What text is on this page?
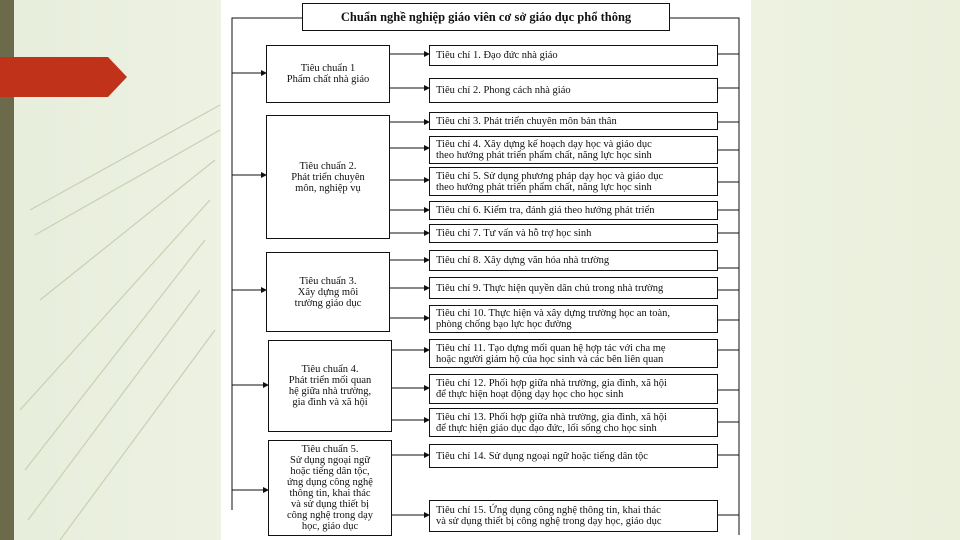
Chuẩn nghề nghiệp giáo viên cơ sở giáo dục phổ thông
Tiêu chuẩn 1
Phẩm chất nhà giáo
Tiêu chuẩn 2.
Phát triển chuyên
môn, nghiệp vụ
Tiêu chuẩn 3.
Xây dựng môi
trường giáo dục
Tiêu chuẩn 4.
Phát triển mối quan
hệ giữa nhà trường,
gia đình và xã hội
Tiêu chuẩn 5.
Sử dụng ngoại ngữ
hoặc tiếng dân tộc,
ứng dụng công nghệ
thông tin, khai thác
và sử dụng thiết bị
công nghệ trong dạy
học, giáo dục
Tiêu chí 1. Đạo đức nhà giáo
Tiêu chí 2. Phong cách nhà giáo
Tiêu chí 3. Phát triển chuyên môn bản thân
Tiêu chí 4. Xây dựng kế hoạch dạy học và giáo dục
theo hướng phát triển phẩm chất, năng lực học sinh
Tiêu chí 5. Sử dụng phương pháp dạy học và giáo dục
theo hướng phát triển phẩm chất, năng lực học sinh
Tiêu chí 6. Kiểm tra, đánh giá theo hướng phát triển
Tiêu chí 7. Tư vấn và hỗ trợ học sinh
Tiêu chí 8. Xây dựng văn hóa nhà trường
Tiêu chí 9. Thực hiện quyền dân chủ trong nhà trường
Tiêu chí 10. Thực hiện và xây dựng trường học an toàn,
phòng chống bạo lực học đường
Tiêu chí 11. Tạo dựng mối quan hệ hợp tác với cha mẹ
hoặc người giám hộ của học sinh và các bên liên quan
Tiêu chí 12. Phối hợp giữa nhà trường, gia đình, xã hội
để thực hiện hoạt động dạy học cho học sinh
Tiêu chí 13. Phối hợp giữa nhà trường, gia đình, xã hội
để thực hiện giáo dục đạo đức, lối sống cho học sinh
Tiêu chí 14. Sử dụng ngoại ngữ hoặc tiếng dân tộc
Tiêu chí 15. Ứng dụng công nghệ thông tin, khai thác
và sử dụng thiết bị công nghệ trong dạy học, giáo dục
